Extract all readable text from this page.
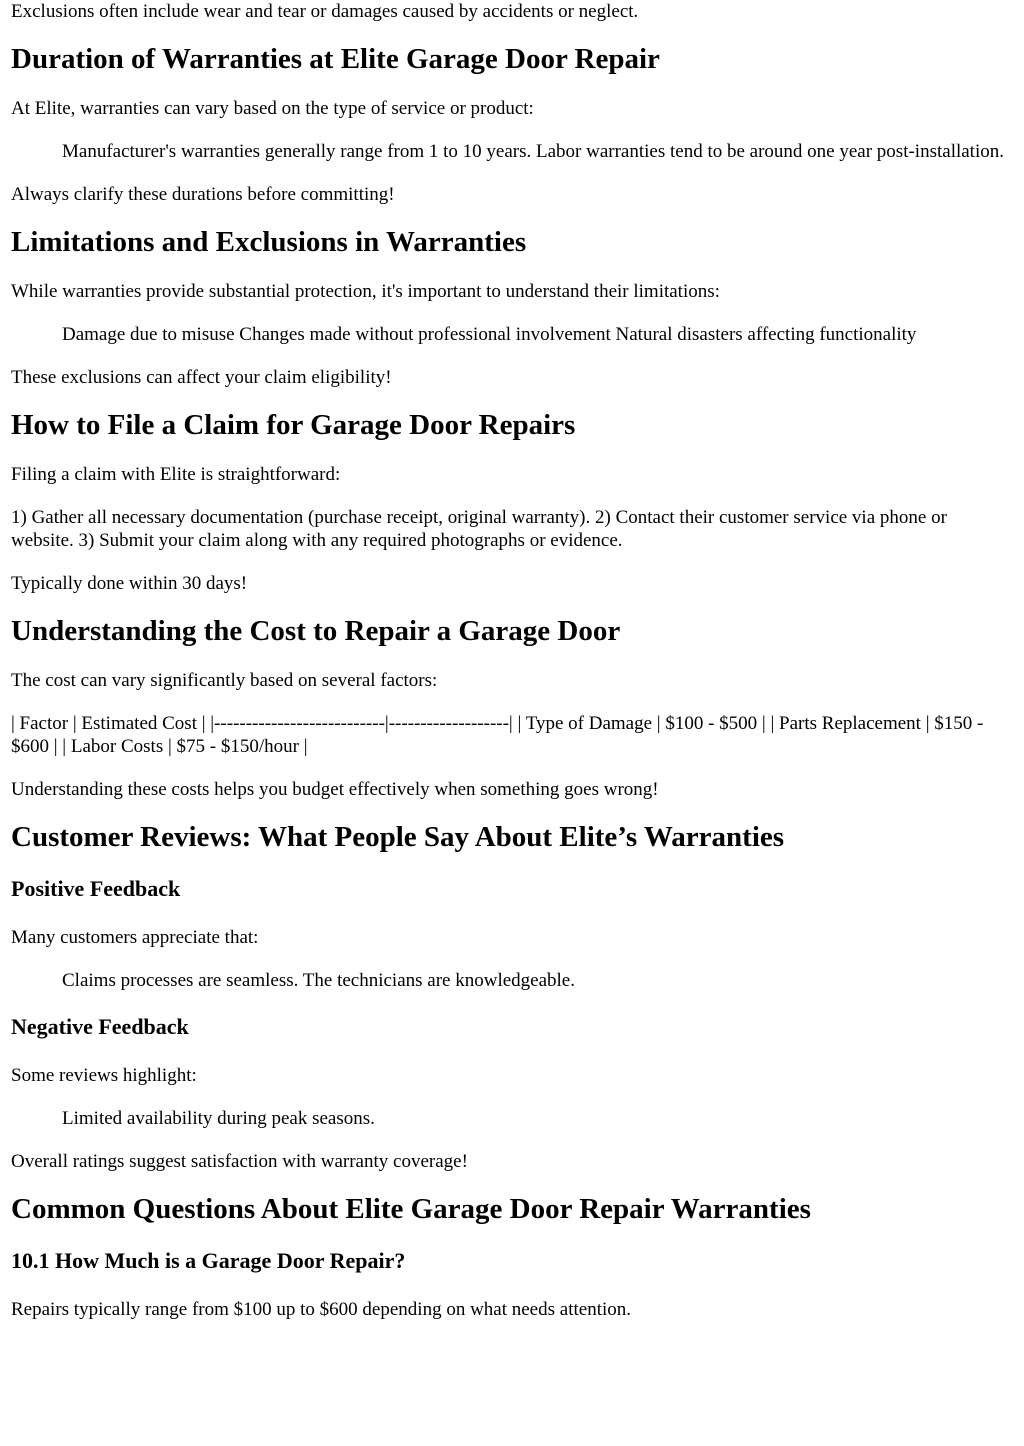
Exclusions often include wear and tear or damages caused by accidents or neglect.

Duration of Warranties at Elite Garage Door Repair

At Elite, warranties can vary based on the type of service or product:

Manufacturer's warranties generally range from 1 to 10 years. Labor warranties tend to be around one year post-installation.

Always clarify these durations before committing!

Limitations and Exclusions in Warranties

While warranties provide substantial protection, it's important to understand their limitations:

Damage due to misuse Changes made without professional involvement Natural disasters affecting functionality

These exclusions can affect your claim eligibility!

How to File a Claim for Garage Door Repairs

Filing a claim with Elite is straightforward:

1) Gather all necessary documentation (purchase receipt, original warranty). 2) Contact their customer service via phone or website. 3) Submit your claim along with any required photographs or evidence.

Typically done within 30 days!

Understanding the Cost to Repair a Garage Door

The cost can vary significantly based on several factors:

| Factor | Estimated Cost | |---------------------------|-------------------| | Type of Damage | $100 - $500 | | Parts Replacement | $150 - $600 | | Labor Costs | $75 - $150/hour |

Understanding these costs helps you budget effectively when something goes wrong!

Customer Reviews: What People Say About Elite’s Warranties
Positive Feedback

Many customers appreciate that:

Claims processes are seamless. The technicians are knowledgeable.
Negative Feedback

Some reviews highlight:

Limited availability during peak seasons.

Overall ratings suggest satisfaction with warranty coverage!

Common Questions About Elite Garage Door Repair Warranties
10.1 How Much is a Garage Door Repair?

Repairs typically range from $100 up to $600 depending on what needs attention.
